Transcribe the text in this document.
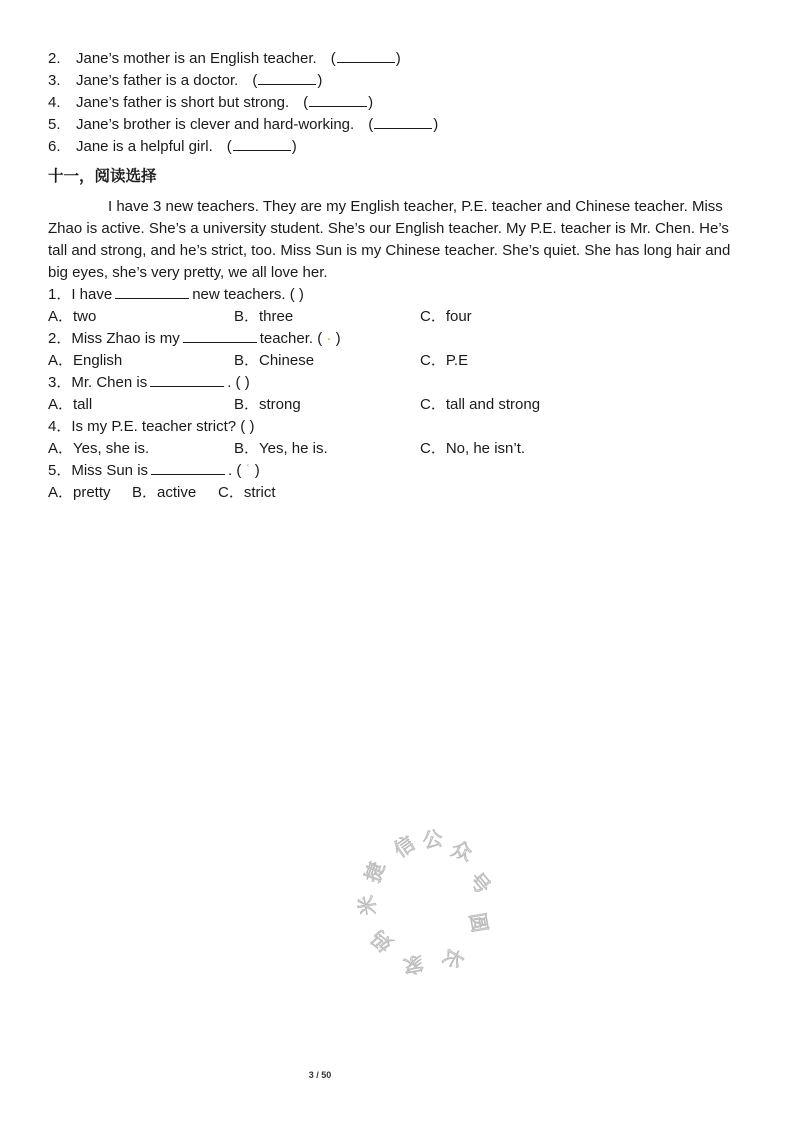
2. Jane’s mother is an English teacher. (	)
3. Jane’s father is a doctor. (	)
4. Jane’s father is short but strong. (	)
5. Jane’s brother is clever and hard-working. (	)
6. Jane is a helpful girl. (	)
十一，阅读选择
I have 3 new teachers. They are my English teacher, P.E. teacher and Chinese teacher. Miss Zhao is active. She’s a university student. She’s our English teacher. My P.E. teacher is Mr. Chen. He’s tall and strong, and he’s strict, too. Miss Sun is my Chinese teacher. She’s quiet. She has long hair and big eyes, she’s very pretty, we all love her.
1．I have	new teachers. ( )
A．two	B．three	C．four
2．Miss Zhao is my	teacher. ( · )
A．English	B．Chinese	C．P.E
3．Mr. Chen is	. ( )
A．tall	B．strong	C．tall and strong
4．Is my P.E. teacher strict? ( )
A．Yes, she is.	B．Yes, he is.	C．No, he isn’t.
5．Miss Sun is	. ( ʿ )
A．pretty B．active C．strict
信 公 众
号
圆
长
家
妈
米
捷
3 / 50
